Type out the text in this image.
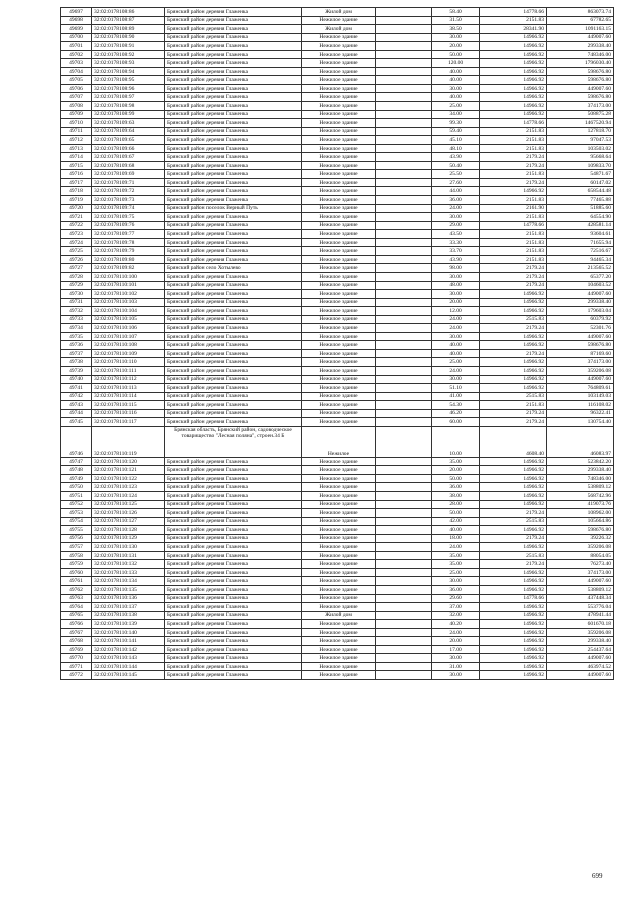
49697	32:02:0178108:86	Брянский район деревня Глаженка	Жилой дом		58.40	14778.66	863073.74
49698	32:02:0178108:87	Брянский район деревня Глаженка	Нежилое здание		31.50	2151.83	67782.65
49699	32:02:0178108:89	Брянский район деревня Глаженка	Жилой дом		38.50	28341.90	1091163.15
49700	32:02:0178108:90	Брянский район деревня Глаженка	Нежилое здание		30.00	14966.92	449007.60
49701	32:02:0178108:91	Брянский район деревня Глаженка	Нежилое здание		20.00	14966.92	299338.40
49702	32:02:0178108:92	Брянский район деревня Глаженка	Нежилое здание		50.00	14966.92	748346.00
49703	32:02:0178108:93	Брянский район деревня Глаженка	Нежилое здание		120.00	14966.92	1796030.40
49704	32:02:0178108:94	Брянский район деревня Глаженка	Нежилое здание		40.00	14966.92	598676.80
49705	32:02:0178108:95	Брянский район деревня Глаженка	Нежилое здание		40.00	14966.92	598676.80
49706	32:02:0178108:96	Брянский район деревня Глаженка	Нежилое здание		30.00	14966.92	449007.60
49707	32:02:0178108:97	Брянский район деревня Глаженка	Нежилое здание		40.00	14966.92	598676.80
49708	32:02:0178108:98	Брянский район деревня Глаженка	Нежилое здание		25.00	14966.92	374173.00
49709	32:02:0178108:99	Брянский район деревня Глаженка	Нежилое здание		34.00	14966.92	508875.28
49710	32:02:0178109:63	Брянский район деревня Глаженка	Нежилое здание		99.30	14778.66	1467520.94
49711	32:02:0178109:64	Брянский район деревня Глаженка	Нежилое здание		59.40	2151.83	127818.70
49712	32:02:0178109:65	Брянский район деревня Глаженка	Нежилое здание		45.10	2151.83	97047.53
49713	32:02:0178109:66	Брянский район деревня Глаженка	Нежилое здание		48.10	2151.83	103503.02
49714	32:02:0178109:67	Брянский район деревня Глаженка	Нежилое здание		43.90	2179.24	95668.64
49715	32:02:0178109:68	Брянский район деревня Глаженка	Нежилое здание		50.40	2179.24	109833.70
49716	32:02:0178109:69	Брянский район деревня Глаженка	Нежилое здание		25.50	2151.83	54871.67
49717	32:02:0178109:71	Брянский район деревня Глаженка	Нежилое здание		27.60	2179.24	60147.02
49718	32:02:0178109:72	Брянский район деревня Глаженка	Нежилое здание		44.00	14966.92	658544.48
49719	32:02:0178109:73	Брянский район деревня Глаженка	Нежилое здание		36.00	2151.83	77465.88
49720	32:02:0178109:74	Брянский район поселок Верный Путь	Нежилое здание		24.00	2161.90	51885.60
49721	32:02:0178109:75	Брянский район деревня Глаженка	Нежилое здание		30.00	2151.83	64554.90
49722	32:02:0178109:76	Брянский район деревня Глаженка	Нежилое здание		29.00	14778.66	428581.14
49723	32:02:0178109:77	Брянский район деревня Глаженка	Нежилое здание		43.50	2151.83	93604.61
49724	32:02:0178109:78	Брянский район деревня Глаженка	Нежилое здание		33.30	2151.83	71655.94
49725	32:02:0178109:79	Брянский район деревня Глаженка	Нежилое здание		33.70	2151.83	72516.67
49726	32:02:0178109:80	Брянский район деревня Глаженка	Нежилое здание		43.90	2151.83	94465.34
49727	32:02:0178109:82	Брянский район село Хотылево	Нежилое здание		98.00	2179.24	213565.52
49728	32:02:0178110:100	Брянский район деревня Глаженка	Нежилое здание		30.00	2179.24	65377.20
49729	32:02:0178110:101	Брянский район деревня Глаженка	Нежилое здание		48.00	2179.24	104603.52
49730	32:02:0178110:102	Брянский район деревня Глаженка	Нежилое здание		30.00	14966.92	449007.60
49731	32:02:0178110:103	Брянский район деревня Глаженка	Нежилое здание		20.00	14966.92	299338.40
49732	32:02:0178110:104	Брянский район деревня Глаженка	Нежилое здание		12.00	14966.92	179603.04
49733	32:02:0178110:105	Брянский район деревня Глаженка	Нежилое здание		24.00	2515.83	60379.92
49734	32:02:0178110:106	Брянский район деревня Глаженка	Нежилое здание		24.00	2179.24	52301.76
49735	32:02:0178110:107	Брянский район деревня Глаженка	Нежилое здание		30.00	14966.92	449007.60
49736	32:02:0178110:108	Брянский район деревня Глаженка	Нежилое здание		40.00	14966.92	598676.80
49737	32:02:0178110:109	Брянский район деревня Глаженка	Нежилое здание		40.00	2179.24	87169.60
49738	32:02:0178110:110	Брянский район деревня Глаженка	Нежилое здание		25.00	14966.92	374173.00
49739	32:02:0178110:111	Брянский район деревня Глаженка	Нежилое здание		24.00	14966.92	359206.08
49740	32:02:0178110:112	Брянский район деревня Глаженка	Нежилое здание		30.00	14966.92	449007.60
49741	32:02:0178110:113	Брянский район деревня Глаженка	Нежилое здание		51.10	14966.92	764809.61
49742	32:02:0178110:114	Брянский район деревня Глаженка	Нежилое здание		41.00	2515.83	103149.03
49743	32:02:0178110:115	Брянский район деревня Глаженка	Нежилое здание		54.30	2151.83	116108.02
49744	32:02:0178110:116	Брянский район деревня Глаженка	Нежилое здание		46.20	2179.24	96322.41
49745	32:02:0178110:117	Брянский район деревня Глаженка	Нежилое здание		60.00	2179.24	130754.40
49746	32:02:0178110:119	Брянская область, Брянский район, садоводческое товарищество "Лесная поляна", строен.34 Б	Нежилое		10.00	4608.40	46083.97
49747	32:02:0178110:120	Брянский район деревня Глаженка	Нежилое здание		35.00	14966.92	523842.20
49748	32:02:0178110:121	Брянский район деревня Глаженка	Нежилое здание		20.00	14966.92	299338.40
49749	32:02:0178110:122	Брянский район деревня Глаженка	Нежилое здание		50.00	14966.92	748346.00
49750	32:02:0178110:123	Брянский район деревня Глаженка	Нежилое здание		36.00	14966.92	538809.12
49751	32:02:0178110:124	Брянский район деревня Глаженка	Нежилое здание		38.00	14966.92	568742.96
49752	32:02:0178110:125	Брянский район деревня Глаженка	Нежилое здание		28.00	14966.92	419073.76
49753	32:02:0178110:126	Брянский район деревня Глаженка	Нежилое здание		50.00	2179.24	108962.00
49754	32:02:0178110:127	Брянский район деревня Глаженка	Нежилое здание		42.00	2515.83	105664.86
49755	32:02:0178110:128	Брянский район деревня Глаженка	Нежилое здание		40.00	14966.92	598676.80
49756	32:02:0178110:129	Брянский район деревня Глаженка	Нежилое здание		18.00	2179.24	39226.32
49757	32:02:0178110:130	Брянский район деревня Глаженка	Нежилое здание		24.00	14966.92	359206.08
49758	32:02:0178110:131	Брянский район деревня Глаженка	Нежилое здание		35.00	2515.83	88054.05
49759	32:02:0178110:132	Брянский район деревня Глаженка	Нежилое здание		35.00	2179.24	76273.40
49760	32:02:0178110:133	Брянский район деревня Глаженка	Нежилое здание		25.00	14966.92	374173.00
49761	32:02:0178110:134	Брянский район деревня Глаженка	Нежилое здание		30.00	14966.92	449007.60
49762	32:02:0178110:135	Брянский район деревня Глаженка	Нежилое здание		36.00	14966.92	538809.12
49763	32:02:0178110:136	Брянский район деревня Глаженка	Нежилое здание		29.60	14778.66	437448.34
49764	32:02:0178110:137	Брянский район деревня Глаженка	Нежилое здание		37.00	14966.92	553776.04
49765	32:02:0178110:138	Брянский район деревня Глаженка	Жилой дом		32.00	14966.92	478941.44
49766	32:02:0178110:139	Брянский район деревня Глаженка	Нежилое здание		40.20	14966.92	601670.18
49767	32:02:0178110:140	Брянский район деревня Глаженка	Нежилое здание		24.00	14966.92	359206.08
49768	32:02:0178110:141	Брянский район деревня Глаженка	Нежилое здание		20.00	14966.92	299338.40
49769	32:02:0178110:142	Брянский район деревня Глаженка	Нежилое здание		17.00	14966.92	254437.64
49770	32:02:0178110:143	Брянский район деревня Глаженка	Нежилое здание		30.00	14966.92	449007.60
49771	32:02:0178110:144	Брянский район деревня Глаженка	Нежилое здание		31.00	14966.92	463974.52
49772	32:02:0178110:145	Брянский район деревня Глаженка	Нежилое здание		30.00	14966.92	449007.60
699
